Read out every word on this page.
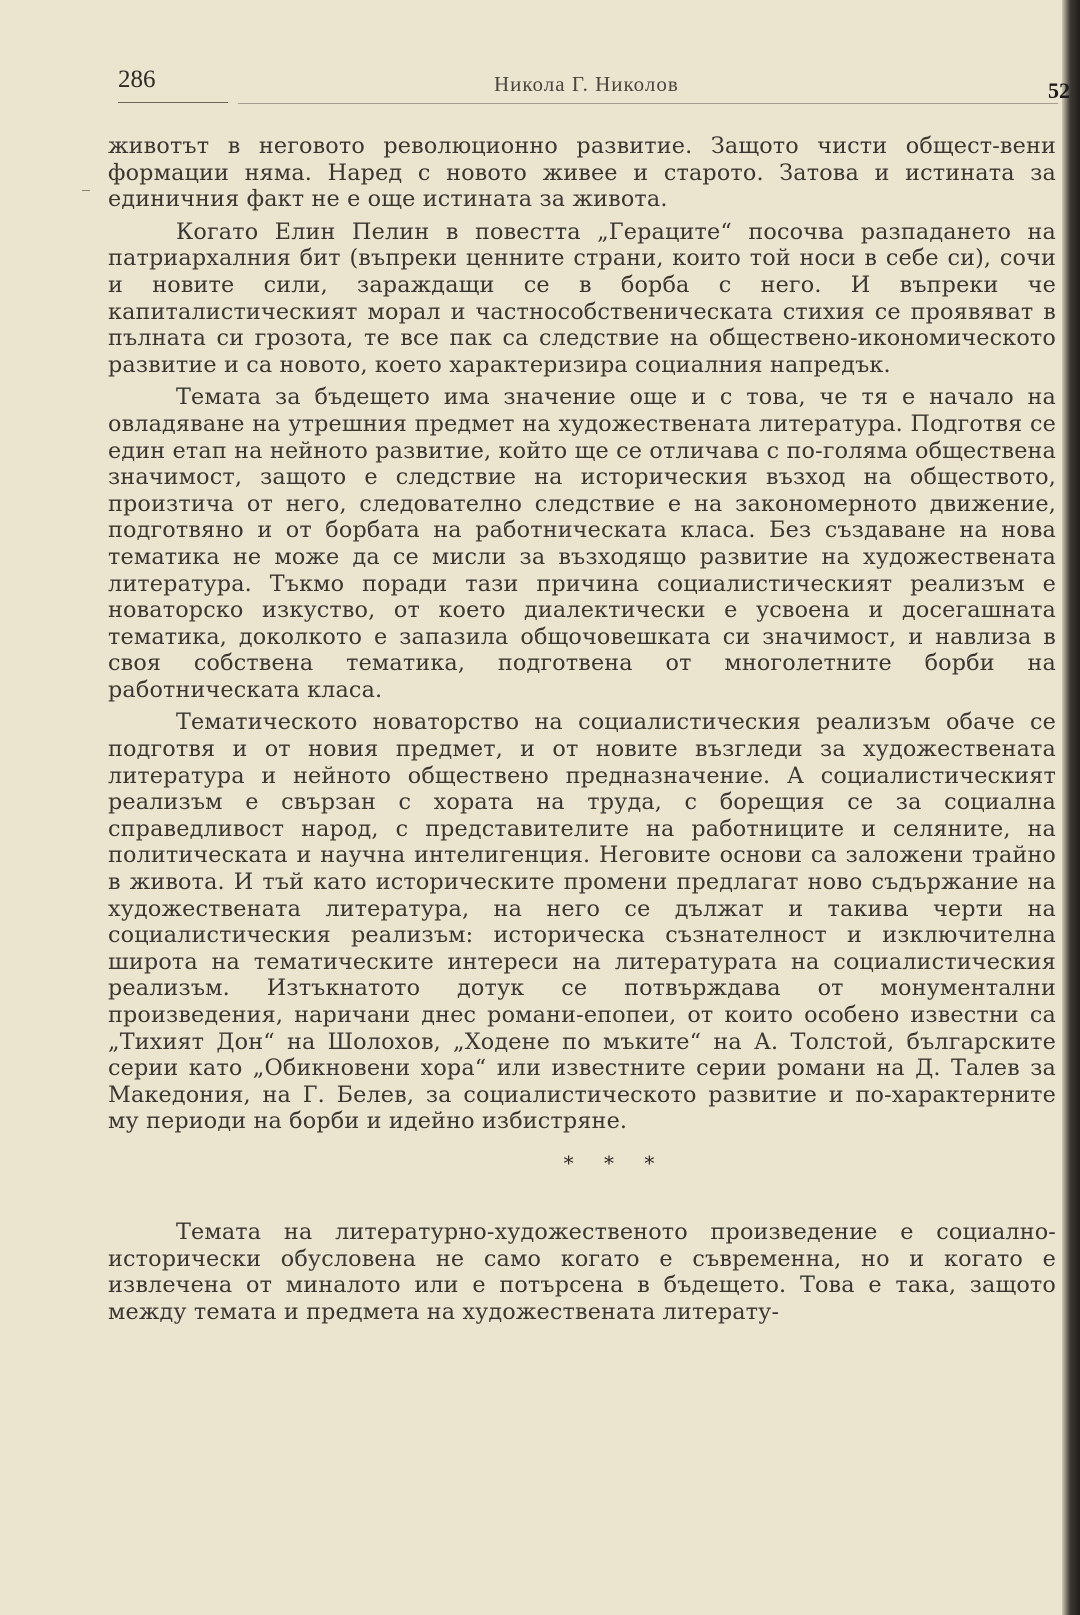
286	Никола Г. Николов	52

животът в неговото революционно развитие. Защото чисти общест-вени формации няма. Наред с новото живее и старото. Затова и истината за единичния факт не е още истината за живота.

Когато Елин Пелин в повестта „Гераците“ посочва разпадането на патриархалния бит (въпреки ценните страни, които той носи в себе си), сочи и новите сили, зараждащи се в борба с него. И въпреки че капиталистическият морал и частнособственическата стихия се проявяват в пълната си грозота, те все пак са следствие на обществено-икономическото развитие и са новото, което характеризира социалния напредък.

Темата за бъдещето има значение още и с това, че тя е начало на овладяване на утрешния предмет на художествената литература. Подготвя се един етап на нейното развитие, който ще се отличава с по-голяма обществена значимост, защото е следствие на историческия възход на обществото, произтича от него, следователно следствие е на закономерното движение, подготвяно и от борбата на работническата класа. Без създаване на нова тематика не може да се мисли за възходящо развитие на художествената литература. Тъкмо поради тази причина социалистическият реализъм е новаторско изкуство, от което диалектически е усвоена и досегашната тематика, доколкото е запазила общочовешката си значимост, и навлиза в своя собствена тематика, подготвена от многолетните борби на работническата класа.

Тематическото новаторство на социалистическия реализъм обаче се подготвя и от новия предмет, и от новите възгледи за художествената литература и нейното обществено предназначение. А социалистическият реализъм е свързан с хората на труда, с борещия се за социална справедливост народ, с представителите на работниците и селяните, на политическата и научна интелигенция. Неговите основи са заложени трайно в живота. И тъй като историческите промени предлагат ново съдържание на художествената литература, на него се дължат и такива черти на социалистическия реализъм: историческа съзнателност и изключителна широта на тематическите интереси на литературата на социалистическия реализъм. Изтъкнатото дотук се потвърждава от монументални произведения, наричани днес романи-епопеи, от които особено известни са „Тихият Дон“ на Шолохов, „Ходене по мъките“ на А. Толстой, българските серии като „Обикновени хора“ или известните серии романи на Д. Талев за Македония, на Г. Белев, за социалистическото развитие и по-характерните му периоди на борби и идейно избистряне.

* * *

Темата на литературно-художественото произведение е социално-исторически обусловена не само когато е съвременна, но и когато е извлечена от миналото или е потърсена в бъдещето. Това е така, защото между темата и предмета на художествената литерату-
